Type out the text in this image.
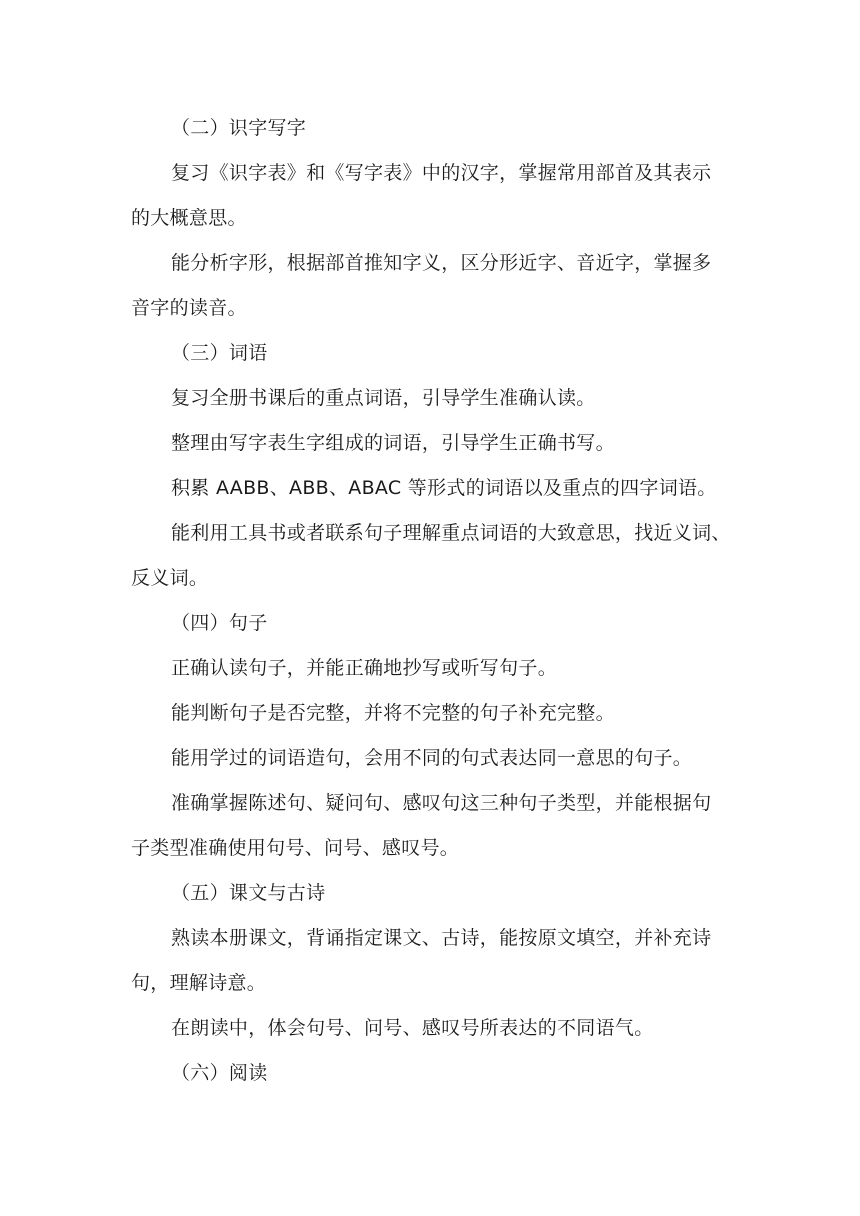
（二）识字写字
复习《识字表》和《写字表》中的汉字，掌握常用部首及其表示
的大概意思。
能分析字形，根据部首推知字义，区分形近字、音近字，掌握多
音字的读音。
（三）词语
复习全册书课后的重点词语，引导学生准确认读。
整理由写字表生字组成的词语，引导学生正确书写。
积累 AABB、ABB、ABAC 等形式的词语以及重点的四字词语。
能利用工具书或者联系句子理解重点词语的大致意思，找近义词、
反义词。
（四）句子
正确认读句子，并能正确地抄写或听写句子。
能判断句子是否完整，并将不完整的句子补充完整。
能用学过的词语造句，会用不同的句式表达同一意思的句子。
准确掌握陈述句、疑问句、感叹句这三种句子类型，并能根据句
子类型准确使用句号、问号、感叹号。
（五）课文与古诗
熟读本册课文，背诵指定课文、古诗，能按原文填空，并补充诗
句，理解诗意。
在朗读中，体会句号、问号、感叹号所表达的不同语气。
（六）阅读
